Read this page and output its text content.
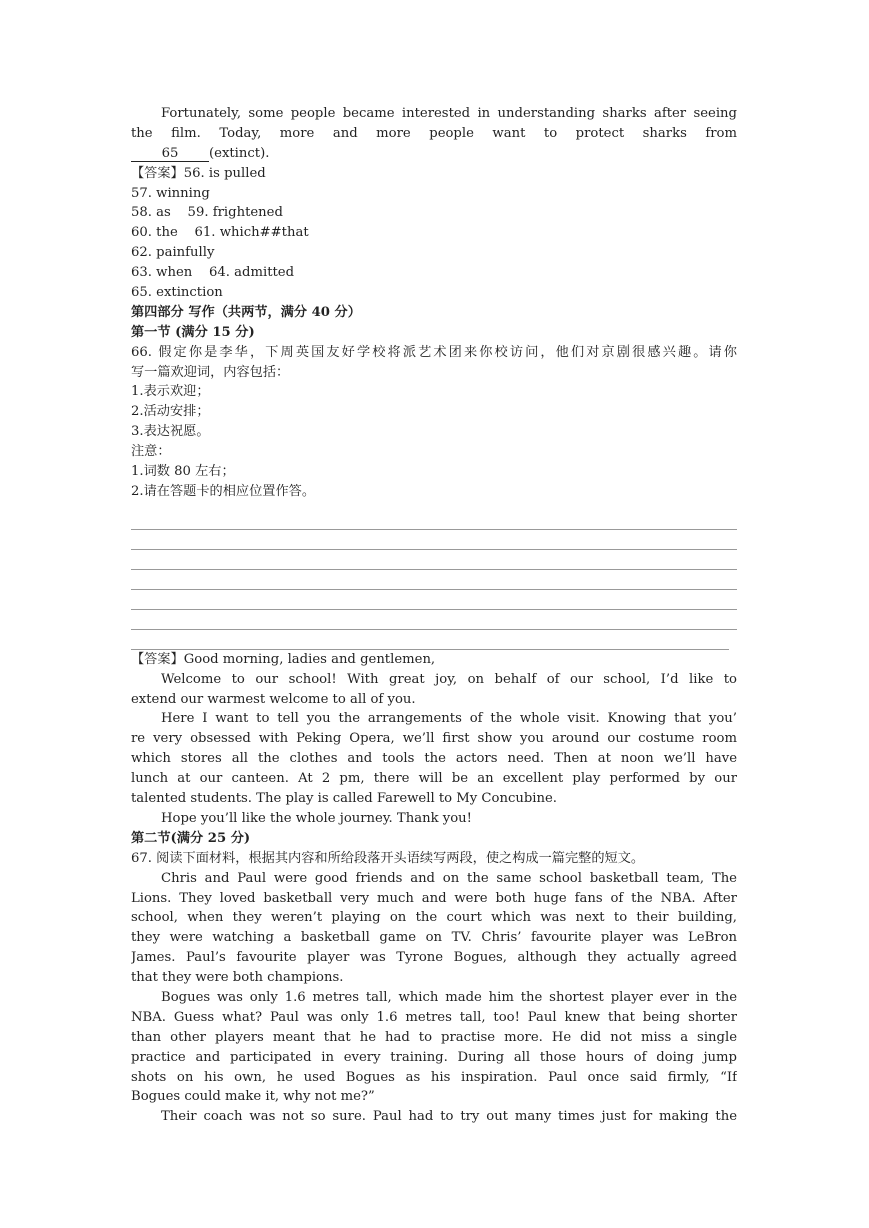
Fortunately, some people became interested in understanding sharks after seeing
the film. Today, more and more people want to protect sharks from
65 (extinct).
【答案】56. is pulled
57. winning
58. as    59. frightened
60. the    61. which##that
62. painfully
63. when    64. admitted
65. extinction
第四部分 写作（共两节，满分 40 分）
第一节 (满分 15 分)
66. 假定你是李华，下周英国友好学校将派艺术团来你校访问，他们对京剧很感兴趣。请你
写一篇欢迎词，内容包括：
1.表示欢迎；
2.活动安排；
3.表达祝愿。
注意：
1.词数 80 左右；
2.请在答题卡的相应位置作答。
【答案】Good morning, ladies and gentlemen,
Welcome to our school! With great joy, on behalf of our school, I’d like to
extend our warmest welcome to all of you.
Here I want to tell you the arrangements of the whole visit. Knowing that you’
re very obsessed with Peking Opera, we’ll first show you around our costume room
which stores all the clothes and tools the actors need. Then at noon we’ll have
lunch at our canteen. At 2 pm, there will be an excellent play performed by our
talented students. The play is called Farewell to My Concubine.
Hope you’ll like the whole journey. Thank you!
第二节(满分 25 分)
67. 阅读下面材料，根据其内容和所给段落开头语续写两段，使之构成一篇完整的短文。
Chris and Paul were good friends and on the same school basketball team, The
Lions. They loved basketball very much and were both huge fans of the NBA. After
school, when they weren’t playing on the court which was next to their building,
they were watching a basketball game on TV. Chris’ favourite player was LeBron
James. Paul’s favourite player was Tyrone Bogues, although they actually agreed
that they were both champions.
Bogues was only 1.6 metres tall, which made him the shortest player ever in the
NBA. Guess what? Paul was only 1.6 metres tall, too! Paul knew that being shorter
than other players meant that he had to practise more. He did not miss a single
practice and participated in every training. During all those hours of doing jump
shots on his own, he used Bogues as his inspiration. Paul once said firmly, “If
Bogues could make it, why not me?”
Their coach was not so sure. Paul had to try out many times just for making the
